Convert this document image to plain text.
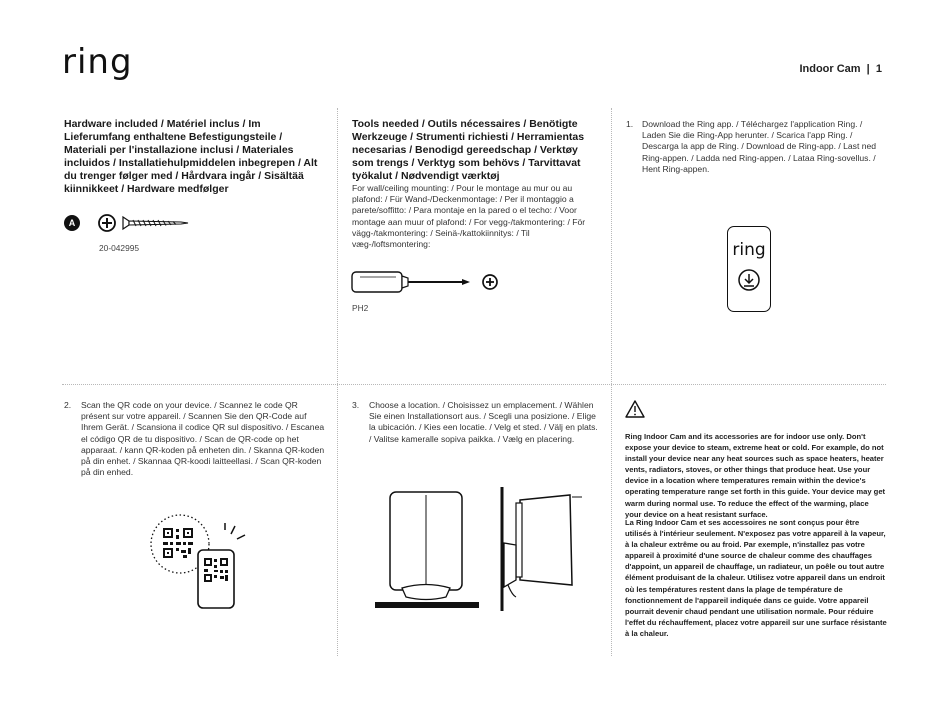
ring	Indoor Cam  |  1
Hardware included / Matériel inclus / Im Lieferumfang enthaltene Befestigungsteile / Materiali per l'installazione inclusi / Materiales incluidos / Installatiehulpmiddelen inbegrepen / Alt du trenger følger med / Hårdvara ingår / Sisältää kiinnikkeet / Hardware medfølger
A
20-042995
Tools needed / Outils nécessaires / Benötigte Werkzeuge / Strumenti richiesti / Herramientas necesarias / Benodigd gereedschap / Verktøy som trengs / Verktyg som behövs / Tarvittavat työkalut / Nødvendigt værktøj
For wall/ceiling mounting: / Pour le montage au mur ou au plafond: / Für Wand-/Deckenmontage: / Per il montaggio a parete/soffitto: / Para montaje en la pared o el techo: / Voor montage aan muur of plafond: / For vegg-/takmontering: / För vägg-/takmontering: / Seinä-/kattokiinnitys: / Til væg-/loftsmontering:
PH2
1. Download the Ring app. / Téléchargez l'application Ring. / Laden Sie die Ring-App herunter. / Scarica l'app Ring. / Descarga la app de Ring. / Download de Ring-app. / Last ned Ring-appen. / Ladda ned Ring-appen. / Lataa Ring-sovellus. / Hent Ring-appen.
ring
2. Scan the QR code on your device. / Scannez le code QR présent sur votre appareil. / Scannen Sie den QR-Code auf Ihrem Gerät. / Scansiona il codice QR sul dispositivo. / Escanea el código QR de tu dispositivo. / Scan de QR-code op het apparaat. / kann QR-koden på enheten din. / Skanna QR-koden på din enhet. / Skannaa QR-koodi laitteellasi. / Scan QR-koden på din enhed.
3. Choose a location. / Choisissez un emplacement. / Wählen Sie einen Installationsort aus. / Scegli una posizione. / Elige la ubicación. / Kies een locatie. / Velg et sted. / Välj en plats. / Valitse kameralle sopiva paikka. / Vælg en placering.	Ring Indoor Cam and its accessories are for indoor use only. Don't expose your device to steam, extreme heat or cold. For example, do not install your device near any heat sources such as space heaters, heater vents, radiators, stoves, or other things that produce heat. Use your device in a location where temperatures remain within the device's operating temperature range set forth in this guide. Your device may get warm during normal use. To reduce the effect of the warming, place your device on a heat resistant surface.
La Ring Indoor Cam et ses accessoires ne sont conçus pour être utilisés à l'intérieur seulement. N'exposez pas votre appareil à la vapeur, à la chaleur extrême ou au froid. Par exemple, n'installez pas votre appareil à proximité d'une source de chaleur comme des chauffages d'appoint, un appareil de chauffage, un radiateur, un poêle ou tout autre élément produisant de la chaleur. Utilisez votre appareil dans un endroit où les températures restent dans la plage de température de fonctionnement de l'appareil indiquée dans ce guide. Votre appareil pourrait devenir chaud pendant une utilisation normale. Pour réduire l'effet du réchauffement, placez votre appareil sur une surface résistante à la chaleur.
